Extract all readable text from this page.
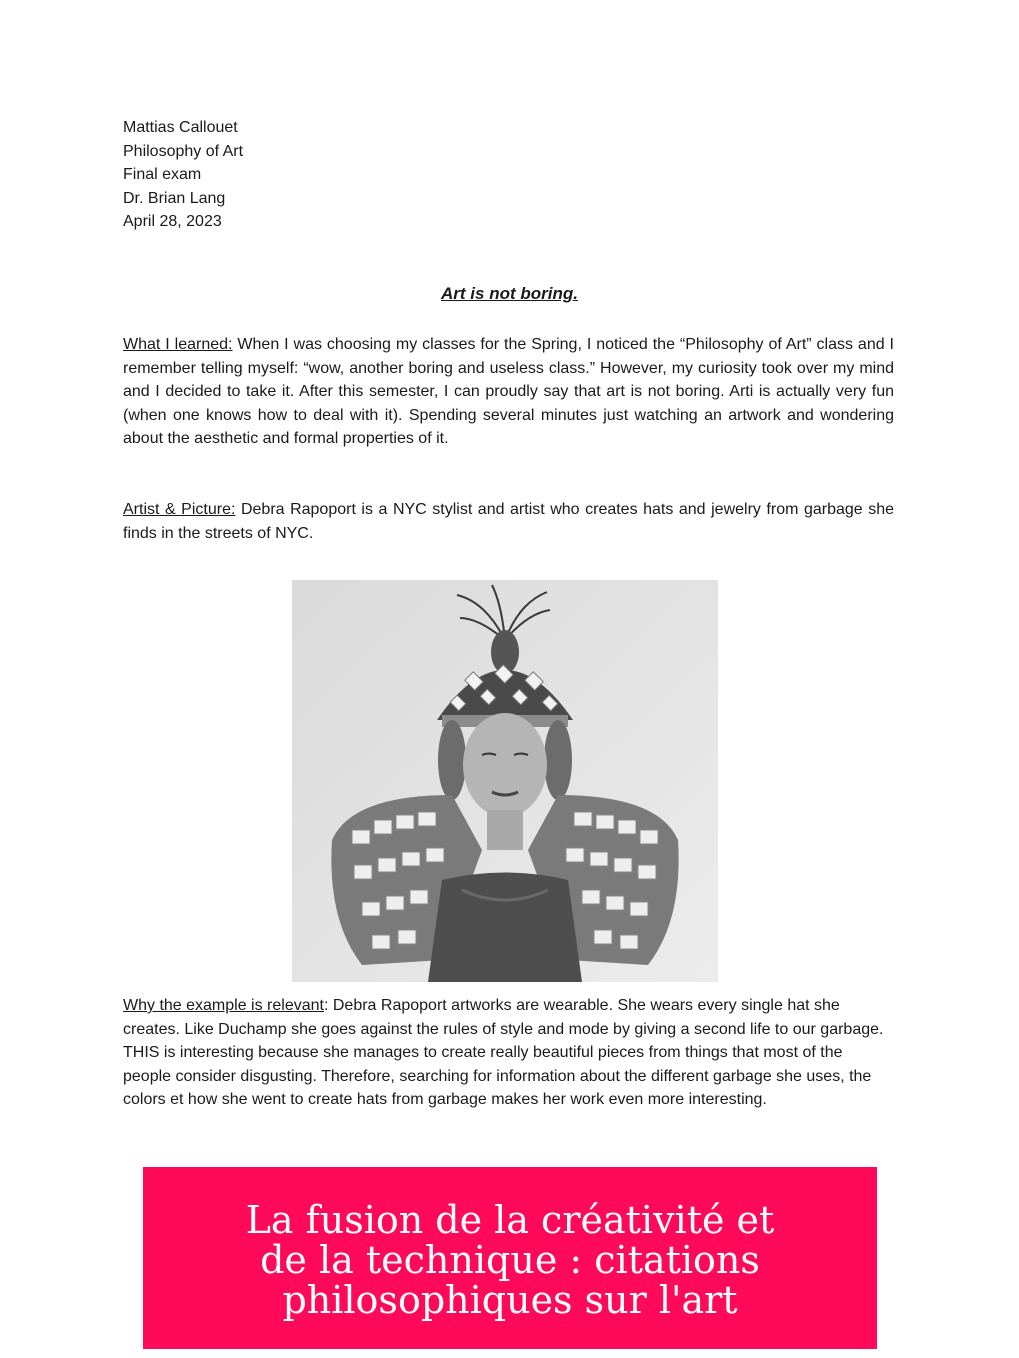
Mattias Callouet
Philosophy of Art
Final exam
Dr. Brian Lang
April 28, 2023
Art is not boring.

What I learned: When I was choosing my classes for the Spring, I noticed the “Philosophy of Art” class and I remember telling myself: “wow, another boring and useless class.” However, my curiosity took over my mind and I decided to take it. After this semester, I can proudly say that art is not boring. Arti is actually very fun (when one knows how to deal with it). Spending several minutes just watching an artwork and wondering about the aesthetic and formal properties of it.

Artist & Picture: Debra Rapoport is a NYC stylist and artist who creates hats and jewelry from garbage she finds in the streets of NYC.

Why the example is relevant: Debra Rapoport artworks are wearable. She wears every single hat she creates. Like Duchamp she goes against the rules of style and mode by giving a second life to our garbage. THIS is interesting because she manages to create really beautiful pieces from things that most of the people consider disgusting. Therefore, searching for information about the different garbage she uses, the colors et how she went to create hats from garbage makes her work even more interesting.

La fusion de la créativité et de la technique : citations philosophiques sur l'art
